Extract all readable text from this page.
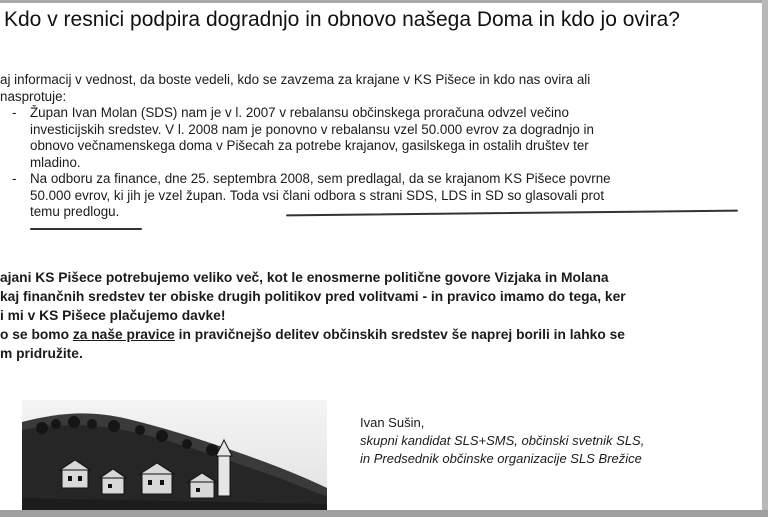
Kdo v resnici podpira dogradnjo in obnovo našega Doma in kdo jo ovira?

aj informacij v vednost, da boste vedeli, kdo se zavzema za krajane v KS Pišece in kdo nas ovira ali

nasprotuje:

- Župan Ivan Molan (SDS) nam je v l. 2007 v rebalansu občinskega proračuna odvzel večino
investicijskih sredstev. V l. 2008 nam je ponovno v rebalansu vzel 50.000 evrov za dogradnjo in
obnovo večnamenskega doma v Pišecah za potrebe krajanov, gasilskega in ostalih društev ter
mladino.
- Na odboru za finance, dne 25. septembra 2008, sem predlagal, da se krajanom KS Pišece povrne
50.000 evrov, ki jih je vzel župan. Toda vsi člani odbora s strani SDS, LDS in SD so glasovali prot
temu predlogu.
ajani KS Pišece potrebujemo veliko več, kot le enosmerne politične govore Vizjaka in Molana
kaj finančnih sredstev ter obiske drugih politikov pred volitvami - in pravico imamo do tega, ker
i mi v KS Pišece plačujemo davke!
o se bomo za naše pravice in pravičnejšo delitev občinskih sredstev še naprej borili in lahko se
m pridružite.
Ivan Sušin,
skupni kandidat SLS+SMS, občinski svetnik SLS,
in Predsednik občinske organizacije SLS Brežice
